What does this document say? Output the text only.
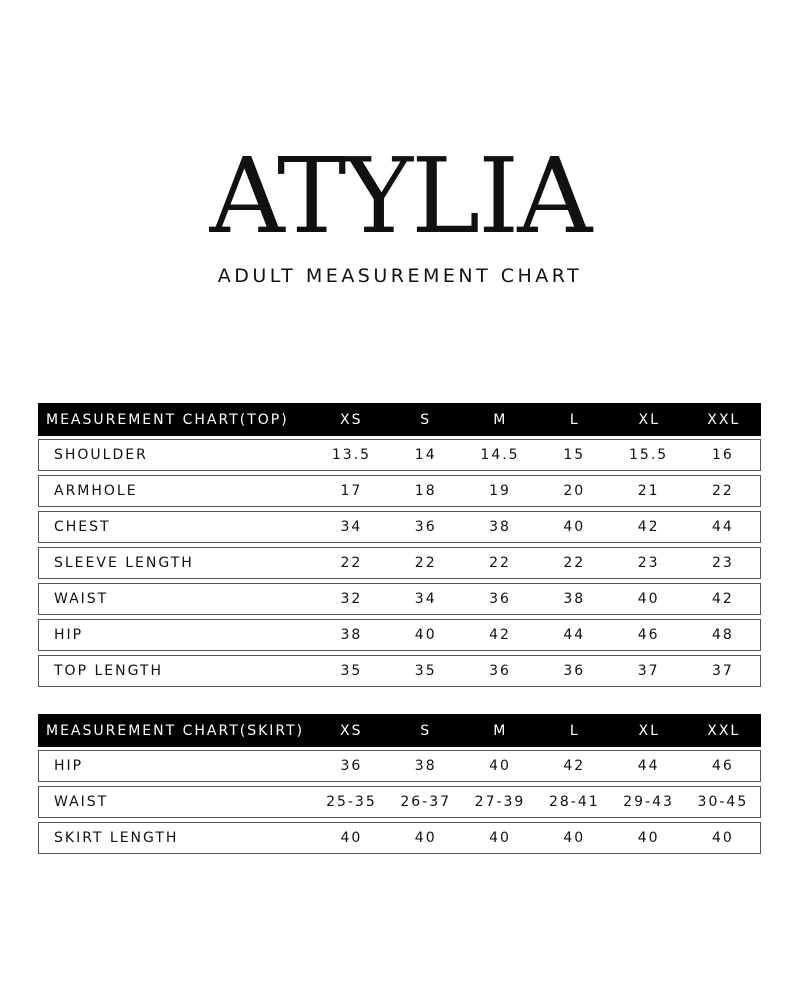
ATYLIA
ADULT MEASUREMENT CHART
MEASUREMENT CHART(TOP)	XS	S	M	L	XL	XXL
SHOULDER	13.5	14	14.5	15	15.5	16
ARMHOLE	17	18	19	20	21	22
CHEST	34	36	38	40	42	44
SLEEVE LENGTH	22	22	22	22	23	23
WAIST	32	34	36	38	40	42
HIP	38	40	42	44	46	48
TOP LENGTH	35	35	36	36	37	37
MEASUREMENT CHART(SKIRT)	XS	S	M	L	XL	XXL
HIP	36	38	40	42	44	46
WAIST	25-35	26-37	27-39	28-41	29-43	30-45
SKIRT LENGTH	40	40	40	40	40	40
